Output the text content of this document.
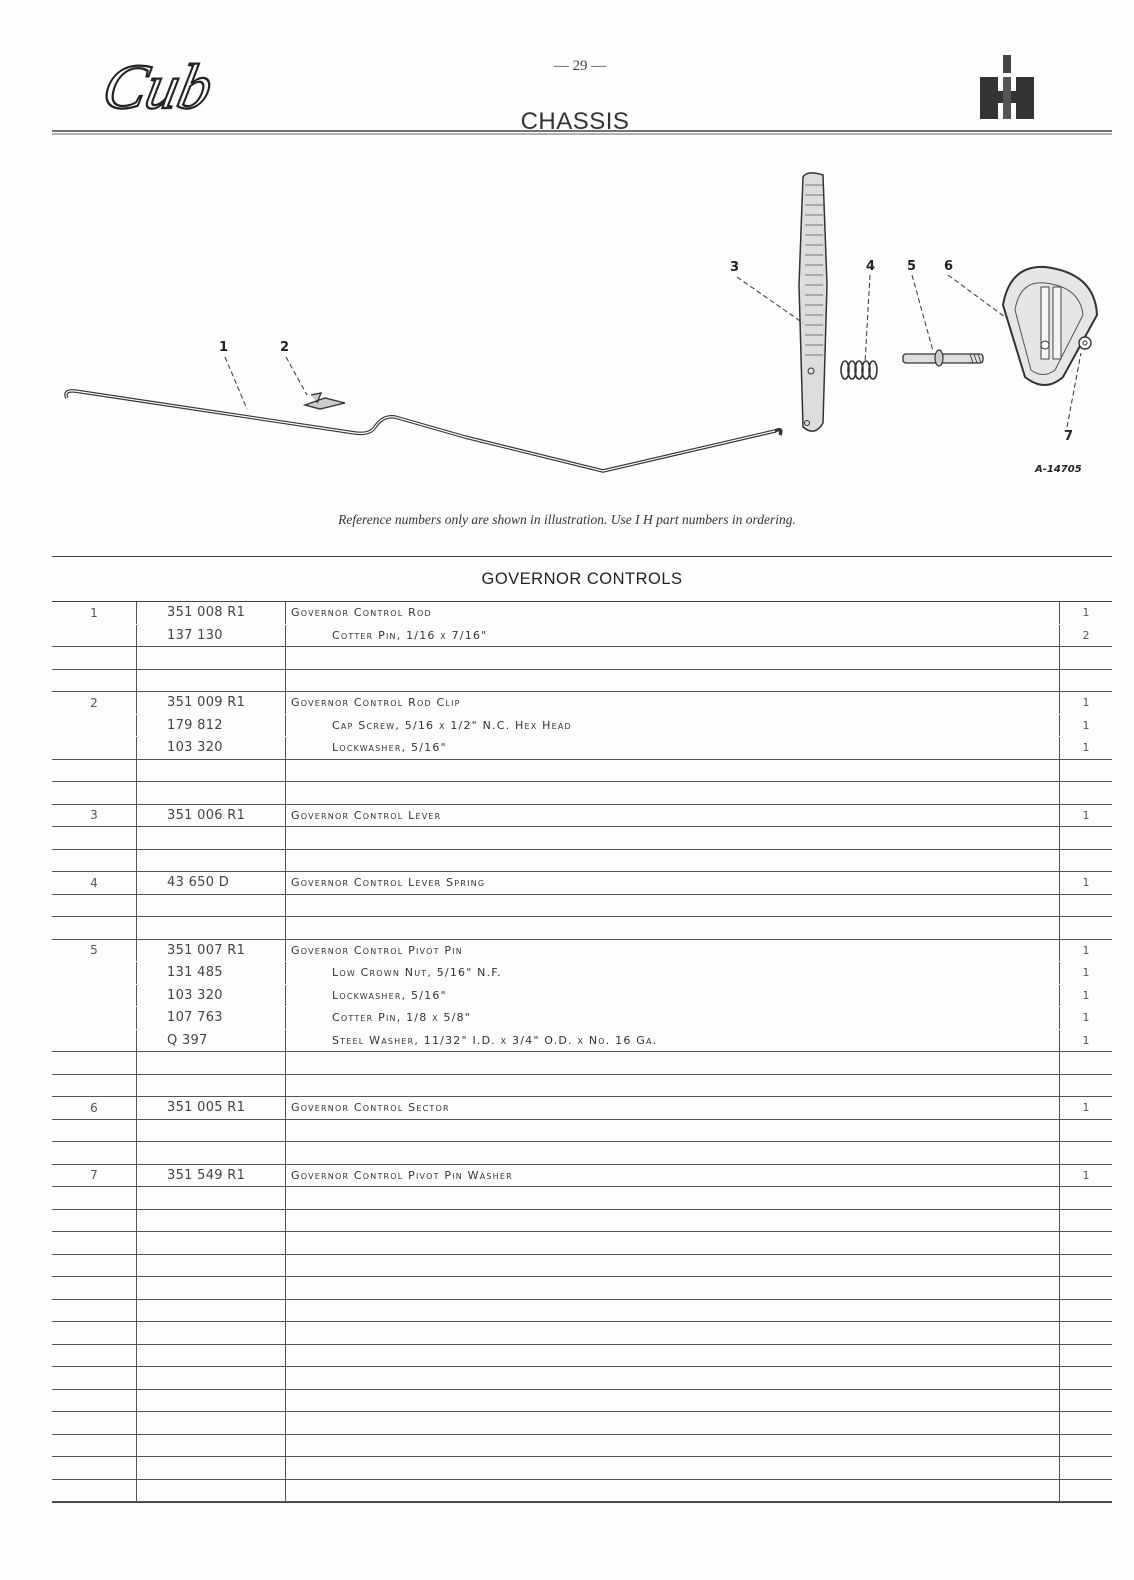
Cub	— 29 —
CHASSIS
1	2
3	4 5 6
7
A-14705
Reference numbers only are shown in illustration. Use I H part numbers in ordering.
GOVERNOR CONTROLS
1	351 008 R1	Governor Control Rod	1
137 130	Cotter Pin, 1/16 x 7/16"	2
2	351 009 R1	Governor Control Rod Clip	1
179 812	Cap Screw, 5/16 x 1/2" N.C. Hex Head	1
103 320	Lockwasher, 5/16"	1
3	351 006 R1	Governor Control Lever	1
4	43 650 D	Governor Control Lever Spring	1
5	351 007 R1	Governor Control Pivot Pin	1
131 485	Low Crown Nut, 5/16" N.F.	1
103 320	Lockwasher, 5/16"	1
107 763	Cotter Pin, 1/8 x 5/8"	1
Q 397	Steel Washer, 11/32" I.D. x 3/4" O.D. x No. 16 Ga.	1
6	351 005 R1	Governor Control Sector	1
7	351 549 R1	Governor Control Pivot Pin Washer	1
